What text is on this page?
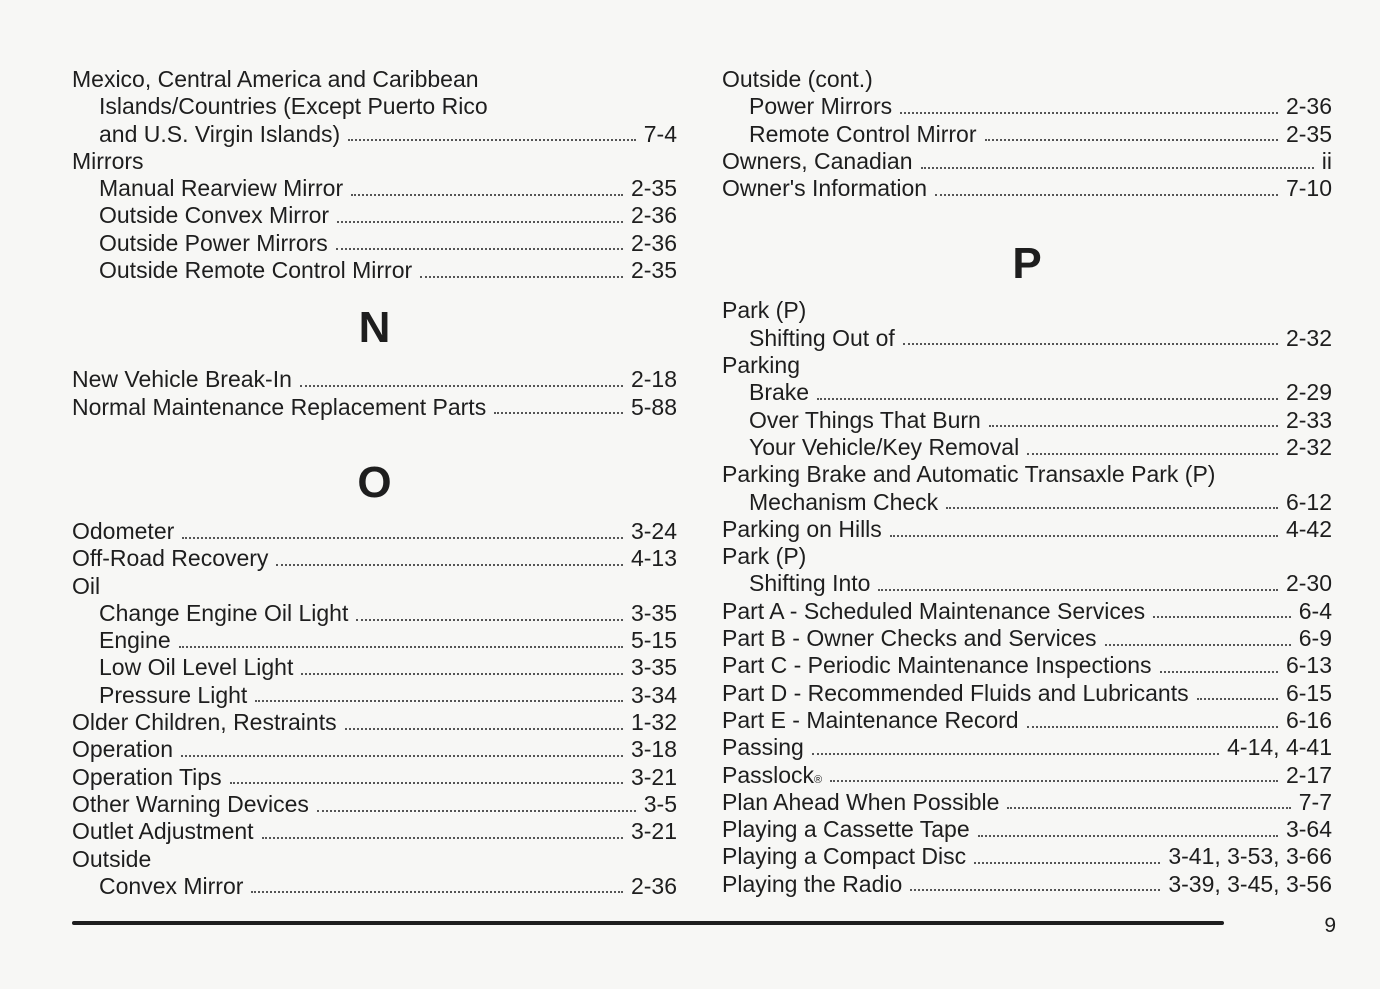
Mexico, Central America and Caribbean
Islands/Countries (Except Puerto Rico
and U.S. Virgin Islands)	7-4
Mirrors
Manual Rearview Mirror	2-35
Outside Convex Mirror	2-36
Outside Power Mirrors	2-36
Outside Remote Control Mirror	2-35
N
New Vehicle Break-In	2-18
Normal Maintenance Replacement Parts	5-88
O
Odometer	3-24
Off-Road Recovery	4-13
Oil
Change Engine Oil Light	3-35
Engine	5-15
Low Oil Level Light	3-35
Pressure Light	3-34
Older Children, Restraints	1-32
Operation	3-18
Operation Tips	3-21
Other Warning Devices	3-5
Outlet Adjustment	3-21
Outside
Convex Mirror	2-36
Outside (cont.)
Power Mirrors	2-36
Remote Control Mirror	2-35
Owners, Canadian	ii
Owner's Information	7-10
P
Park (P)
Shifting Out of	2-32
Parking
Brake	2-29
Over Things That Burn	2-33
Your Vehicle/Key Removal	2-32
Parking Brake and Automatic Transaxle Park (P)
Mechanism Check	6-12
Parking on Hills	4-42
Park (P)
Shifting Into	2-30
Part A - Scheduled Maintenance Services	6-4
Part B - Owner Checks and Services	6-9
Part C - Periodic Maintenance Inspections	6-13
Part D - Recommended Fluids and Lubricants	6-15
Part E - Maintenance Record	6-16
Passing	4-14, 4-41
Passlock ®	2-17
Plan Ahead When Possible	7-7
Playing a Cassette Tape	3-64
Playing a Compact Disc	3-41, 3-53, 3-66
Playing the Radio	3-39, 3-45, 3-56
9
